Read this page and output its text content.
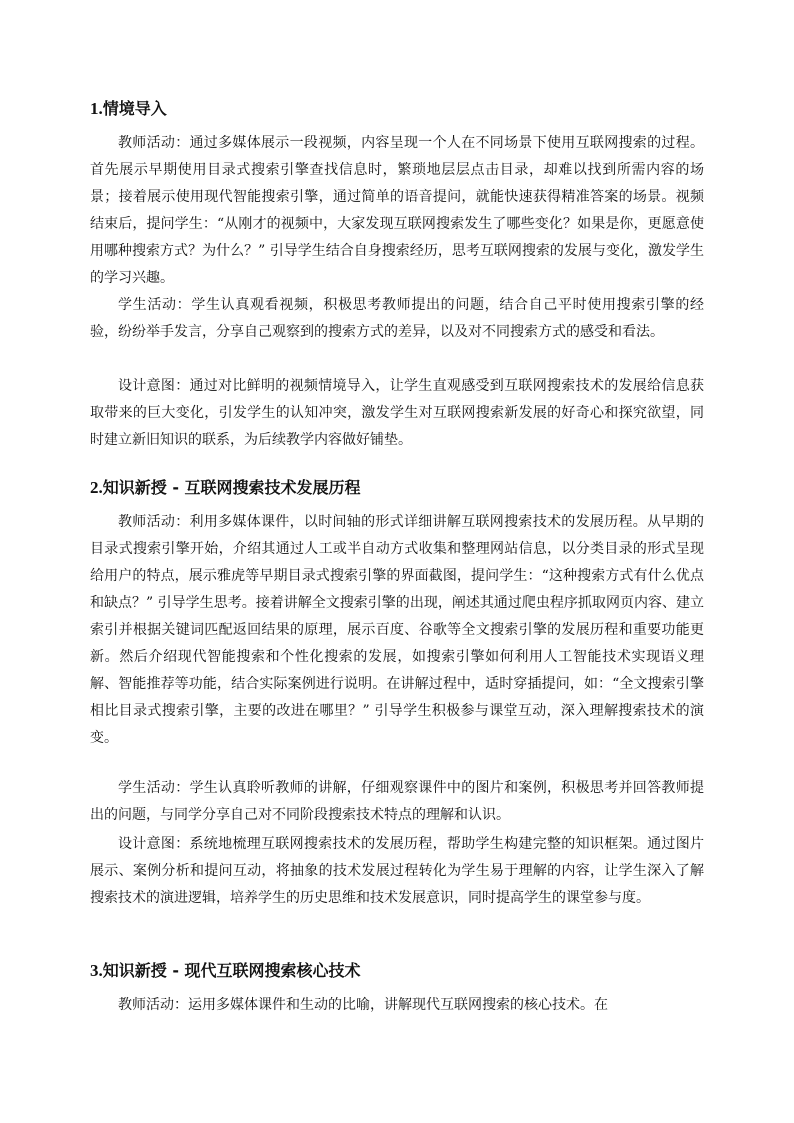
1.情境导入

教师活动：通过多媒体展示一段视频，内容呈现一个人在不同场景下使用互联网搜索的过程。首先展示早期使用目录式搜索引擎查找信息时，繁琐地层层点击目录，却难以找到所需内容的场景；接着展示使用现代智能搜索引擎，通过简单的语音提问，就能快速获得精准答案的场景。视频结束后，提问学生：“从刚才的视频中，大家发现互联网搜索发生了哪些变化？如果是你，更愿意使用哪种搜索方式？为什么？” 引导学生结合自身搜索经历，思考互联网搜索的发展与变化，激发学生的学习兴趣。

学生活动：学生认真观看视频，积极思考教师提出的问题，结合自己平时使用搜索引擎的经验，纷纷举手发言，分享自己观察到的搜索方式的差异，以及对不同搜索方式的感受和看法。

设计意图：通过对比鲜明的视频情境导入，让学生直观感受到互联网搜索技术的发展给信息获取带来的巨大变化，引发学生的认知冲突，激发学生对互联网搜索新发展的好奇心和探究欲望，同时建立新旧知识的联系，为后续教学内容做好铺垫。

2.知识新授 - 互联网搜索技术发展历程

教师活动：利用多媒体课件，以时间轴的形式详细讲解互联网搜索技术的发展历程。从早期的目录式搜索引擎开始，介绍其通过人工或半自动方式收集和整理网站信息，以分类目录的形式呈现给用户的特点，展示雅虎等早期目录式搜索引擎的界面截图，提问学生：“这种搜索方式有什么优点和缺点？” 引导学生思考。接着讲解全文搜索引擎的出现，阐述其通过爬虫程序抓取网页内容、建立索引并根据关键词匹配返回结果的原理，展示百度、谷歌等全文搜索引擎的发展历程和重要功能更新。然后介绍现代智能搜索和个性化搜索的发展，如搜索引擎如何利用人工智能技术实现语义理解、智能推荐等功能，结合实际案例进行说明。在讲解过程中，适时穿插提问，如：“全文搜索引擎相比目录式搜索引擎，主要的改进在哪里？” 引导学生积极参与课堂互动，深入理解搜索技术的演变。

学生活动：学生认真聆听教师的讲解，仔细观察课件中的图片和案例，积极思考并回答教师提出的问题，与同学分享自己对不同阶段搜索技术特点的理解和认识。

设计意图：系统地梳理互联网搜索技术的发展历程，帮助学生构建完整的知识框架。通过图片展示、案例分析和提问互动，将抽象的技术发展过程转化为学生易于理解的内容，让学生深入了解搜索技术的演进逻辑，培养学生的历史思维和技术发展意识，同时提高学生的课堂参与度。

3.知识新授 - 现代互联网搜索核心技术

教师活动：运用多媒体课件和生动的比喻，讲解现代互联网搜索的核心技术。在
